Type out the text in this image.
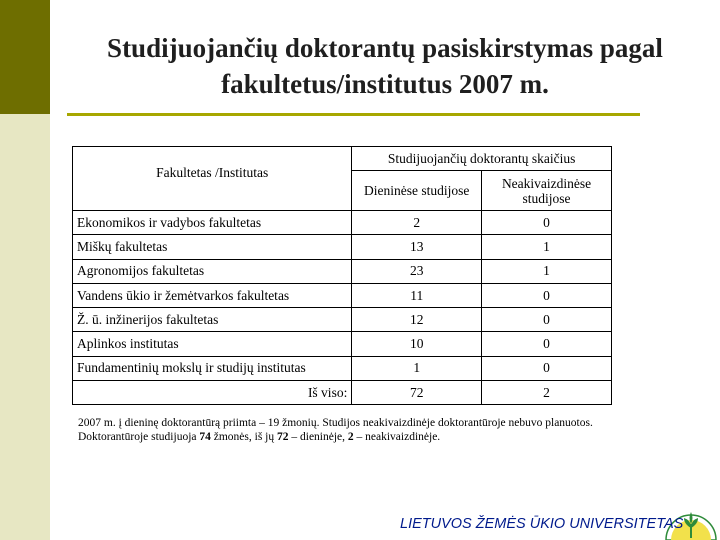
Studijuojančių doktorantų pasiskirstymas pagal
fakultetus/institutus 2007 m.
Fakultetas /Institutas	Studijuojančių doktorantų skaičius	
	Dieninėse studijose	Neakivaizdinėse studijose
Ekonomikos ir vadybos fakultetas	2	0
Miškų fakultetas	13	1
Agronomijos fakultetas	23	1
Vandens ūkio ir žemėtvarkos fakultetas	11	0
Ž. ū. inžinerijos fakultetas	12	0
Aplinkos institutas	10	0
Fundamentinių mokslų ir studijų institutas	1	0
Iš viso:	72	2
2007 m. į dieninę doktorantūrą priimta – 19 žmonių. Studijos neakivaizdinėje doktorantūroje nebuvo planuotos.
Doktorantūroje studijuoja 74 žmonės, iš jų 72 – dieninėje, 2 – neakivaizdinėje.
LIETUVOS ŽEMĖS ŪKIO UNIVERSITETAS
